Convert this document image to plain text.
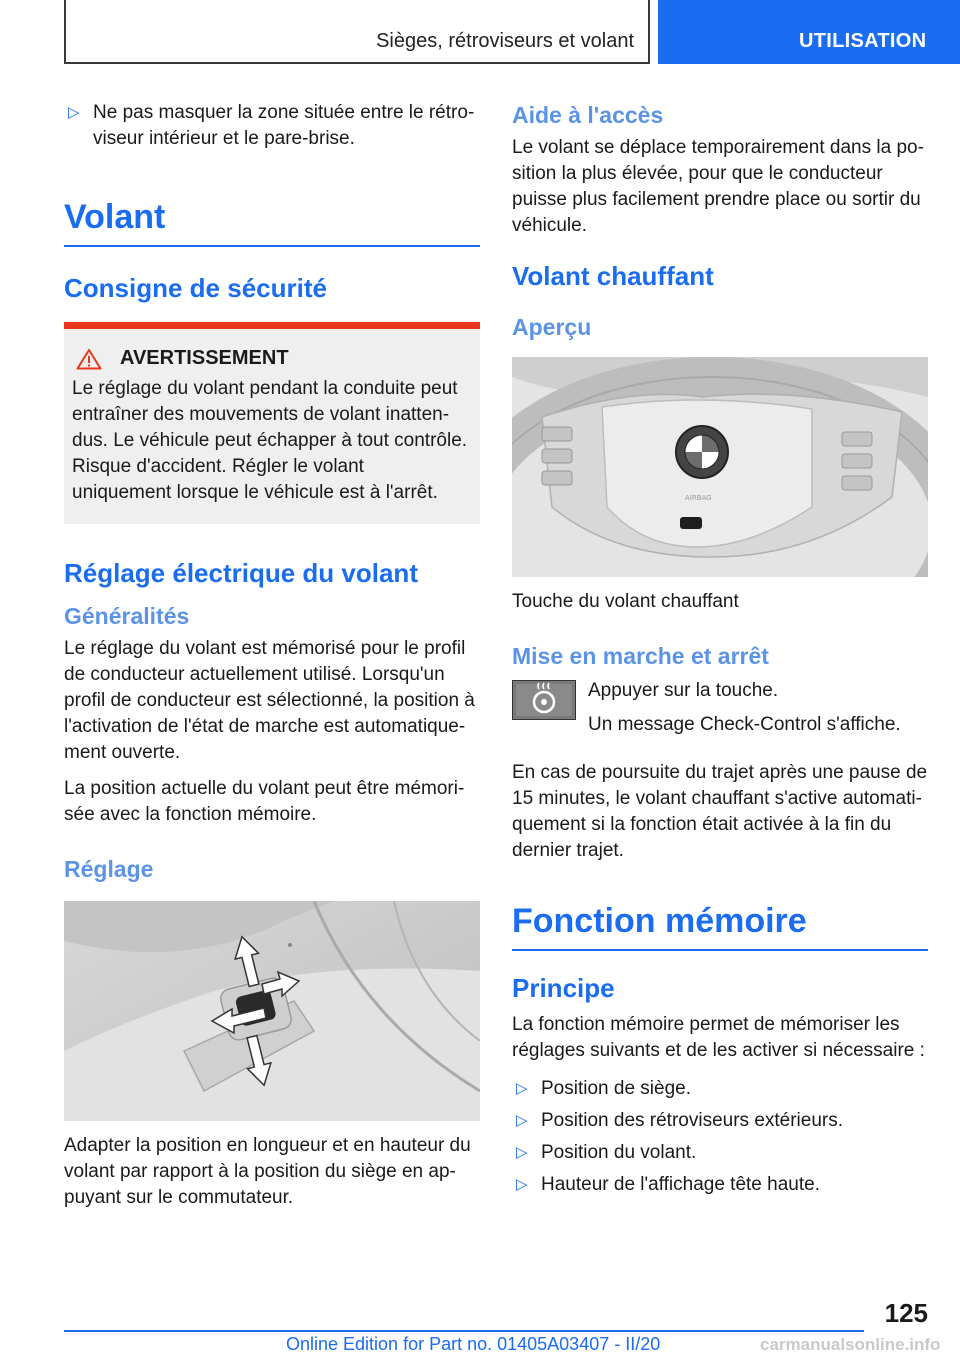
Sièges, rétroviseurs et volant	UTILISATION
▷ Ne pas masquer la zone située entre le rétroviseur intérieur et le pare-brise.
Volant
Consigne de sécurité
AVERTISSEMENT

Le réglage du volant pendant la conduite peut entraîner des mouvements de volant inattendus. Le véhicule peut échapper à tout contrôle. Risque d'accident. Régler le volant uniquement lorsque le véhicule est à l'arrêt.

Réglage électrique du volant
Généralités

Le réglage du volant est mémorisé pour le profil de conducteur actuellement utilisé. Lorsqu'un profil de conducteur est sélectionné, la position à l'activation de l'état de marche est automatiquement ouverte.

La position actuelle du volant peut être mémorisée avec la fonction mémoire.

Réglage

Adapter la position en longueur et en hauteur du volant par rapport à la position du siège en appuyant sur le commutateur.

Aide à l'accès

Le volant se déplace temporairement dans la position la plus élevée, pour que le conducteur puisse plus facilement prendre place ou sortir du véhicule.

Volant chauffant
Aperçu
AIRBAG

Touche du volant chauffant

Mise en marche et arrêt

Appuyer sur la touche.

Un message Check-Control s'affiche.

En cas de poursuite du trajet après une pause de 15 minutes, le volant chauffant s'active automatiquement si la fonction était activée à la fin du dernier trajet.

Fonction mémoire
Principe

La fonction mémoire permet de mémoriser les réglages suivants et de les activer si nécessaire :

▷ Position de siège.
▷ Position des rétroviseurs extérieurs.
▷ Position du volant.
▷ Hauteur de l'affichage tête haute.
125
Online Edition for Part no. 01405A03407 - II/20	carmanualsonline.info
